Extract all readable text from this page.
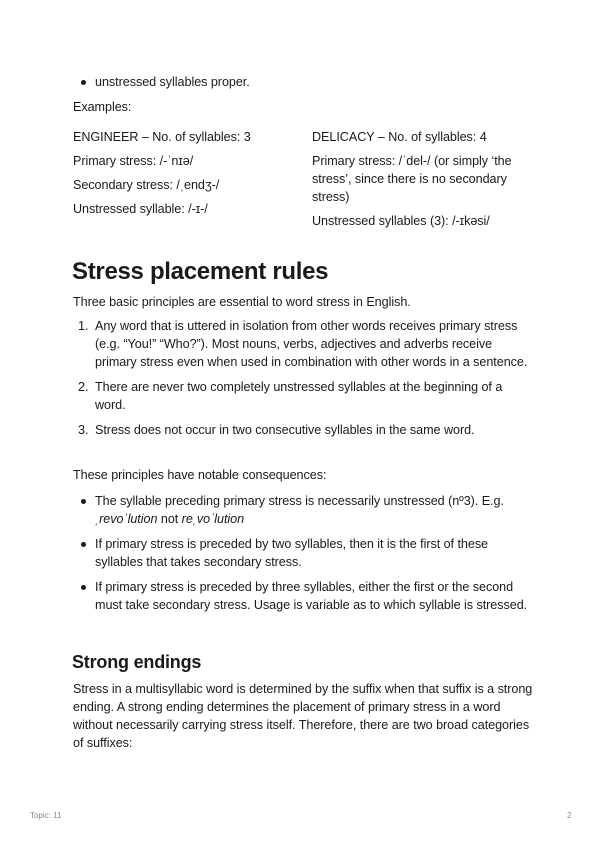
unstressed syllables proper.
Examples:
ENGINEER – No. of syllables: 3
Primary stress: /-ˈnɪə/
Secondary stress: /ˌendʒ-/
Unstressed syllable: /-ɪ-/
DELICACY – No. of syllables: 4
Primary stress: /ˈdel-/ (or simply ‘the stress’, since there is no secondary stress)
Unstressed syllables (3): /-ɪkəsi/
Stress placement rules
Three basic principles are essential to word stress in English.
1. Any word that is uttered in isolation from other words receives primary stress (e.g. “You!” “Who?”). Most nouns, verbs, adjectives and adverbs receive primary stress even when used in combination with other words in a sentence.
2. There are never two completely unstressed syllables at the beginning of a word.
3. Stress does not occur in two consecutive syllables in the same word.
These principles have notable consequences:
The syllable preceding primary stress is necessarily unstressed (nº3). E.g.
ˌrevoˈlution not reˌvoˈlution
If primary stress is preceded by two syllables, then it is the first of these syllables that takes secondary stress.
If primary stress is preceded by three syllables, either the first or the second must take secondary stress. Usage is variable as to which syllable is stressed.
Strong endings
Stress in a multisyllabic word is determined by the suffix when that suffix is a strong ending. A strong ending determines the placement of primary stress in a word without necessarily carrying stress itself. Therefore, there are two broad categories of suffixes:
Topic: 11	2
